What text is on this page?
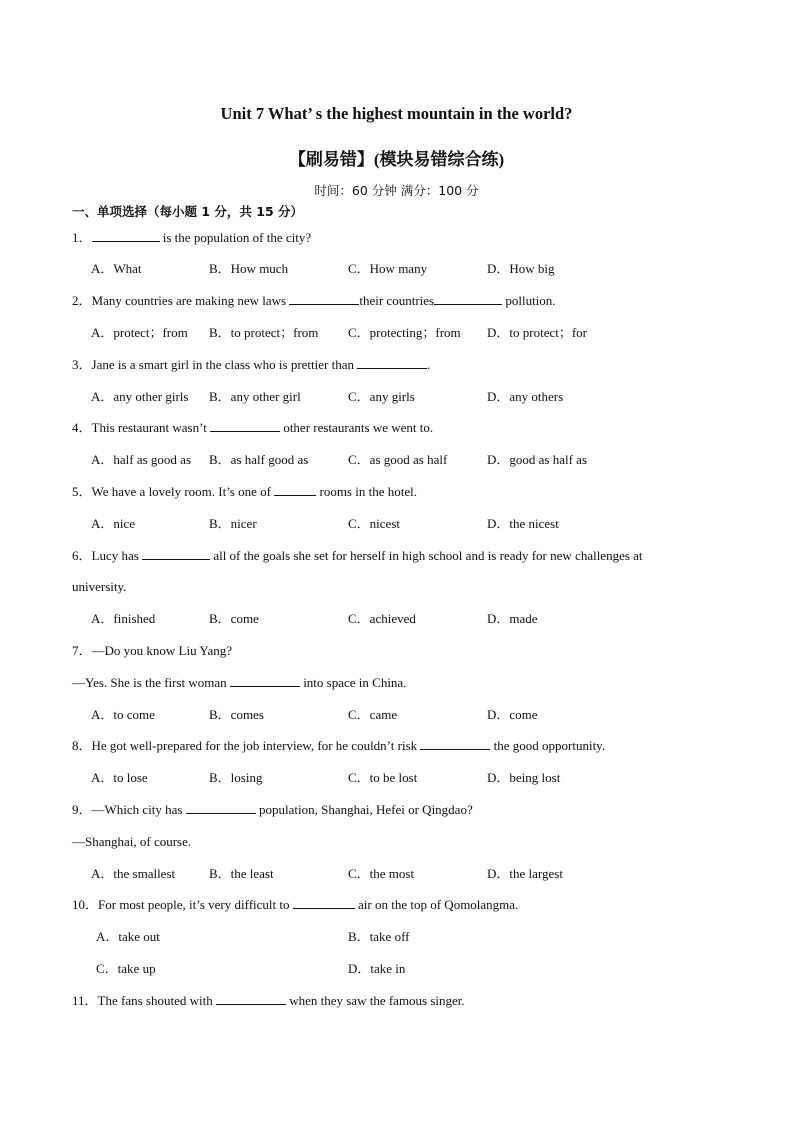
Unit 7 What’ s the highest mountain in the world?
【刷易错】(模块易错综合练)
时间：60 分钟 满分：100 分
一、单项选择（每小题 1 分，共 15 分）
1．	is the population of the city?
A．What	B．How much	C．How many	D．How big
2．Many countries are making new laws	their countries	pollution.
A．protect；from B．to protect；from C．protecting；from D．to protect；for
3．Jane is a smart girl in the class who is prettier than	.
A．any other girls B．any other girl	C．any girls	D．any others
4．This restaurant wasn’t	other restaurants we went to.
A．half as good as B．as half good as	C．as good as half	D．good as half as
5．We have a lovely room. It’s one of	rooms in the hotel.
A．nice	B．nicer	C．nicest	D．the nicest
6．Lucy has	all of the goals she set for herself in high school and is ready for new challenges at
university.
A．finished	B．come	C．achieved	D．made
7．—Do you know Liu Yang?
—Yes. She is the first woman	into space in China.
A．to come	B．comes	C．came	D．come
8．He got well-prepared for the job interview, for he couldn’t risk	the good opportunity.
A．to lose	B．losing	C．to be lost	D．being lost
9．—Which city has	population, Shanghai, Hefei or Qingdao?
—Shanghai, of course.
A．the smallest	B．the least	C．the most	D．the largest
10．For most people, it’s very difficult to	air on the top of Qomolangma.
A．take out	B．take off
C．take up	D．take in
11．The fans shouted with	when they saw the famous singer.
